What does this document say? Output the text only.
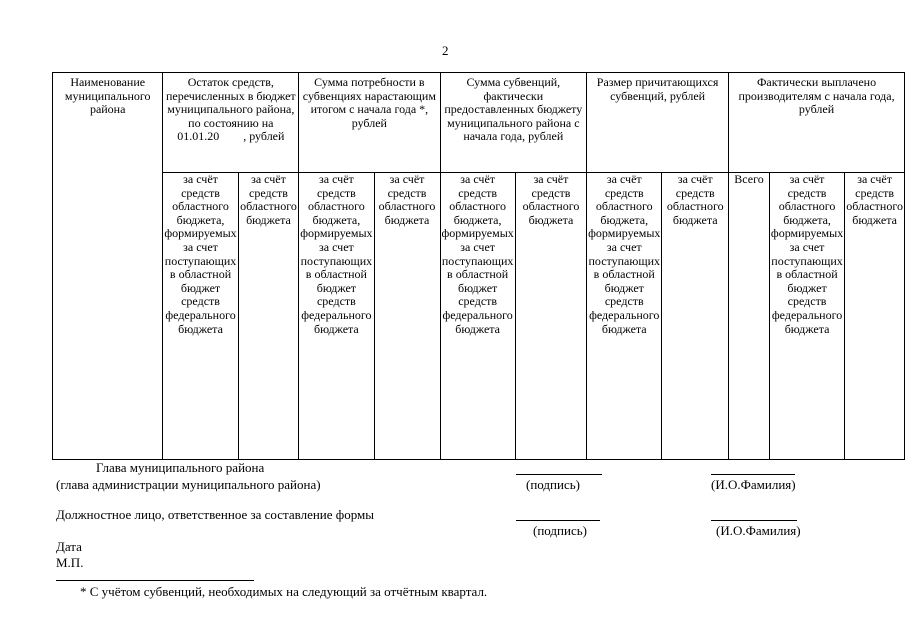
2
Наименование муниципального района	Остаток средств, перечисленных в бюджет муниципального района, по состоянию на
01.01.20 , рублей		Сумма потребности в субвенциях нарастающим итогом с начала года *, рублей		Сумма субвенций, фактически предоставленных бюджету муниципального района с начала года, рублей		Размер причитающихся субвенций, рублей		Фактически выплачено производителям с начала года, рублей		
	за счёт средств областного бюджета, формируемых за счет поступающих в областной бюджет средств федерального бюджета	за счёт средств областного бюджета	за счёт средств областного бюджета, формируемых за счет поступающих в областной бюджет средств федерального бюджета	за счёт средств областного бюджета	за счёт средств областного бюджета, формируемых за счет поступающих в областной бюджет средств федерального бюджета	за счёт средств областного бюджета	за счёт средств областного бюджета, формируемых за счет поступающих в областной бюджет средств федерального бюджета	за счёт средств областного бюджета	Всего	за счёт средств областного бюджета, формируемых за счет поступающих в областной бюджет средств федерального бюджета	за счёт средств областного бюджета
Глава муниципального района
(глава администрации муниципального района)	(подпись)	(И.О.Фамилия)
Должностное лицо, ответственное за составление формы
(подпись)	(И.О.Фамилия)
Дата
М.П.
* С учётом субвенций, необходимых на следующий за отчётным квартал.
